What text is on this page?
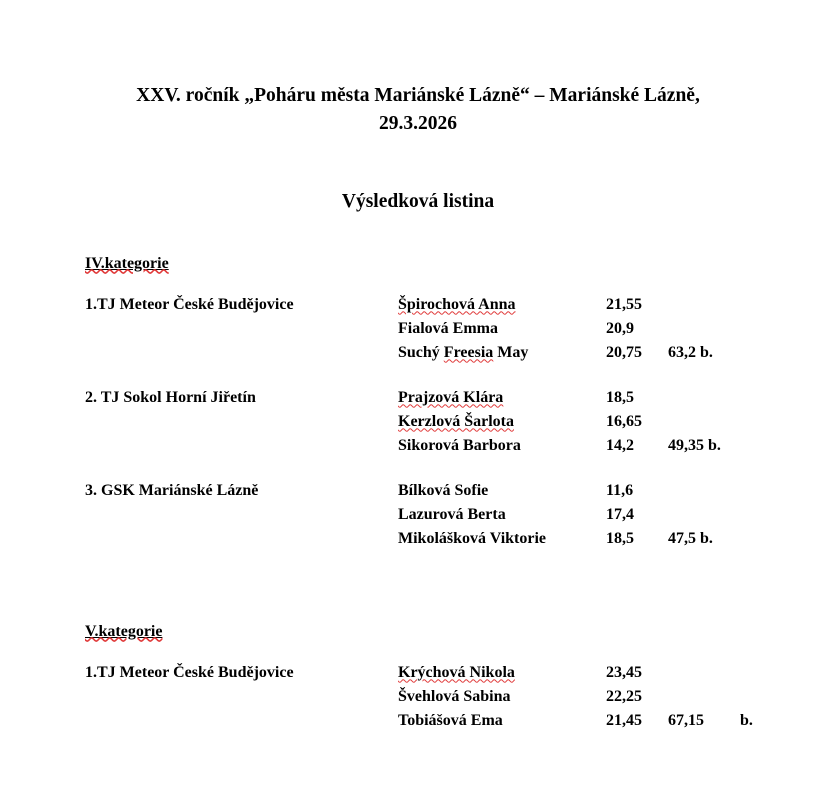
XXV. ročník „Poháru města Mariánské Lázně“ – Mariánské Lázně,
29.3.2026
Výsledková listina
IV.kategorie
1.TJ Meteor České Budějovice	Špirochová Anna	21,55	
	Fialová Emma	20,9	
	Suchý Freesia May	20,75	63,2 b.

2. TJ Sokol Horní Jiřetín	Prajzová Klára	18,5	
	Kerzlová Šarlota	16,65	
	Sikorová Barbora	14,2	49,35 b.

3. GSK Mariánské Lázně	Bílková Sofie	11,6	
	Lazurová Berta	17,4	
	Mikolášková Viktorie	18,5	47,5 b.
V.kategorie
1.TJ Meteor České Budějovice	Krýchová Nikola	23,45	
	Švehlová Sabina	22,25	
	Tobiášová Ema	21,45	67,15 b.
